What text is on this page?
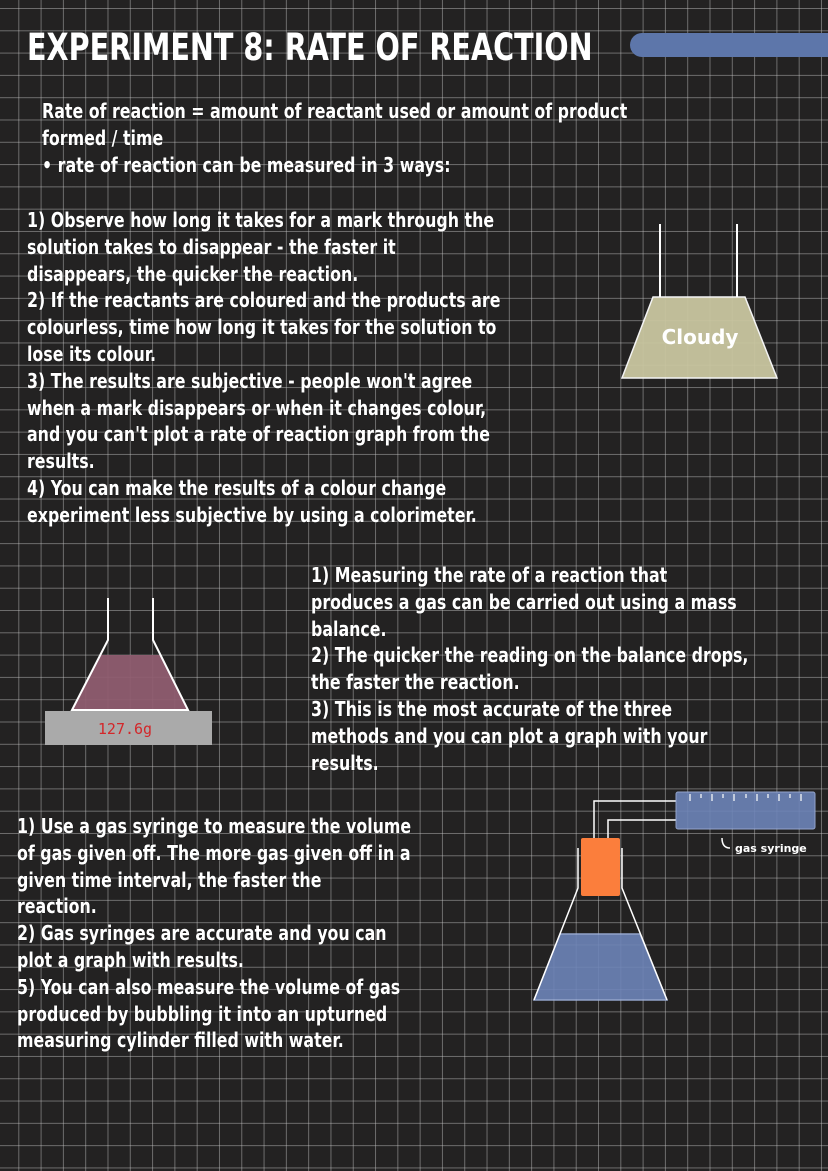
EXPERIMENT 8: RATE OF REACTION
Rate of reaction = amount of reactant used or amount of product
formed / time
• rate of reaction can be measured in 3 ways:
1) Observe how long it takes for a mark through the
solution takes to disappear - the faster it
disappears, the quicker the reaction.
2) If the reactants are coloured and the products are
colourless, time how long it takes for the solution to
lose its colour.
3) The results are subjective - people won't agree
when a mark disappears or when it changes colour,
and you can't plot a rate of reaction graph from the
results.
4) You can make the results of a colour change
experiment less subjective by using a colorimeter.
1) Measuring the rate of a reaction that
produces a gas can be carried out using a mass
balance.
2) The quicker the reading on the balance drops,
the faster the reaction.
3) This is the most accurate of the three
methods and you can plot a graph with your
results.
1) Use a gas syringe to measure the volume
of gas given off. The more gas given off in a
given time interval, the faster the
reaction.
2) Gas syringes are accurate and you can
plot a graph with results.
5) You can also measure the volume of gas
produced by bubbling it into an upturned
measuring cylinder filled with water.
Cloudy
127.6g
gas syringe
